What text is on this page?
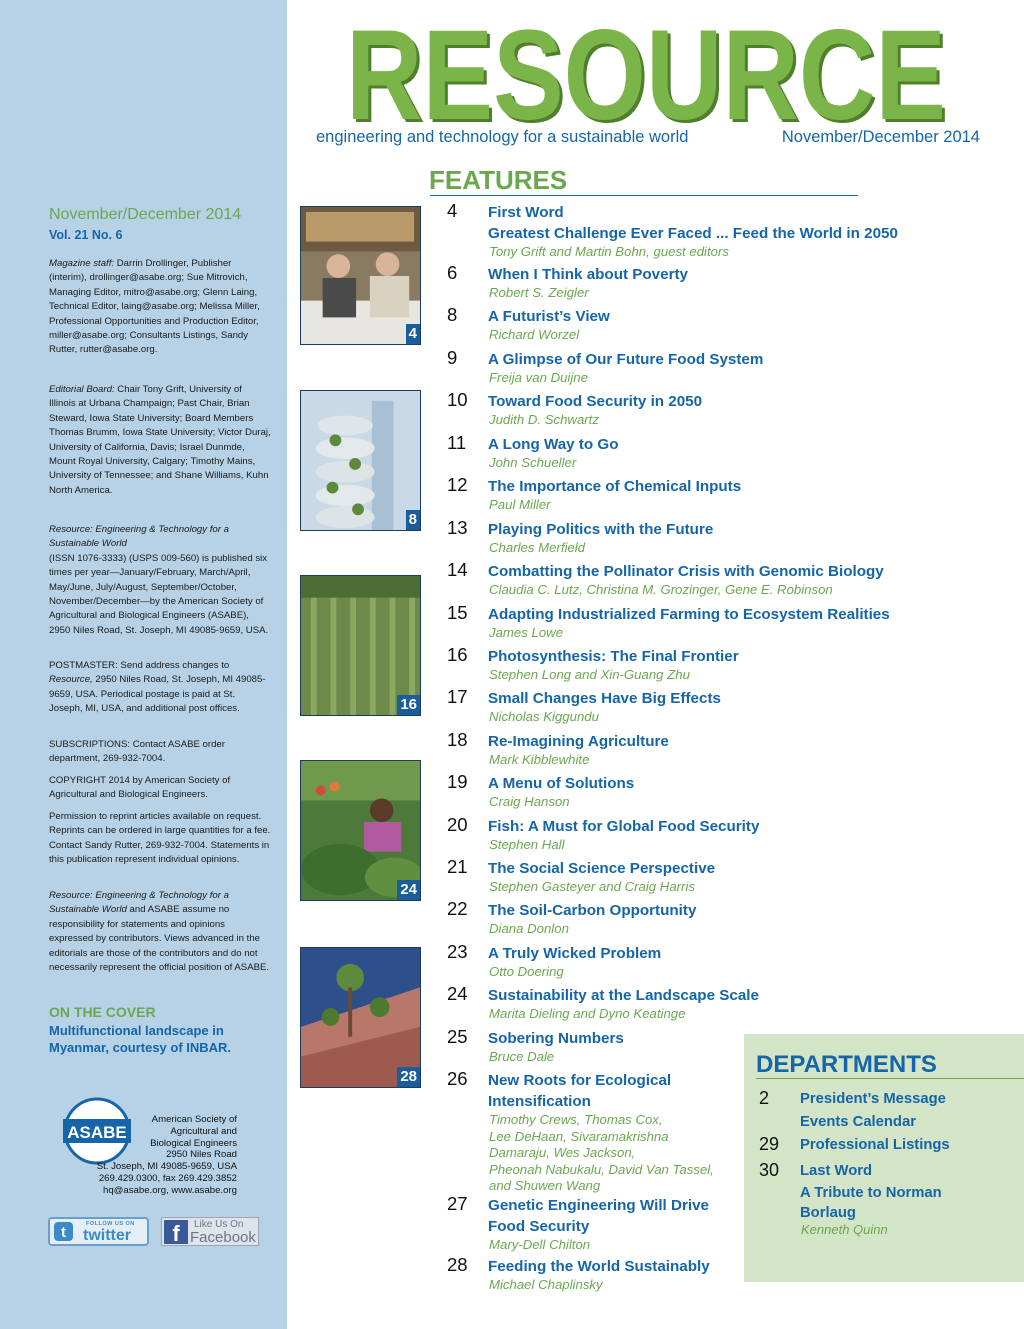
November/December 2014
Vol. 21 No. 6

Magazine staff: Darrin Drollinger, Publisher (interim), drollinger@asabe.org; Sue Mitrovich, Managing Editor, mitro@asabe.org; Glenn Laing, Technical Editor, laing@asabe.org; Melissa Miller, Professional Opportunities and Production Editor, miller@asabe.org; Consultants Listings, Sandy Rutter, rutter@asabe.org.

Editorial Board: Chair Tony Grift, University of Illinois at Urbana Champaign; Past Chair, Brian Steward, Iowa State University; Board Members Thomas Brumm, Iowa State University; Victor Duraj, University of California, Davis; Israel Dunmde, Mount Royal University, Calgary; Timothy Mains, University of Tennessee; and Shane Williams, Kuhn North America.

Resource: Engineering & Technology for a Sustainable World
(ISSN 1076-3333) (USPS 009-560) is published six times per year—January/February, March/April, May/June, July/August, September/October, November/December—by the American Society of Agricultural and Biological Engineers (ASABE), 2950 Niles Road, St. Joseph, MI 49085-9659, USA.

POSTMASTER: Send address changes to Resource, 2950 Niles Road, St. Joseph, MI 49085-9659, USA. Periodical postage is paid at St. Joseph, MI, USA, and additional post offices.

SUBSCRIPTIONS: Contact ASABE order department, 269-932-7004.

COPYRIGHT 2014 by American Society of Agricultural and Biological Engineers.

Permission to reprint articles available on request. Reprints can be ordered in large quantities for a fee. Contact Sandy Rutter, 269-932-7004. Statements in this publication represent individual opinions.

Resource: Engineering & Technology for a Sustainable World and ASABE assume no responsibility for statements and opinions expressed by contributors. Views advanced in the editorials are those of the contributors and do not necessarily represent the official position of ASABE.

ON THE COVER
Multifunctional landscape in Myanmar, courtesy of INBAR.
ASABE
American Society of
Agricultural and
Biological Engineers
2950 Niles Road
St. Joseph, MI 49085-9659, USA
269.429.0300, fax 269.429.3852
hq@asabe.org, www.asabe.org
t	FOLLOW US ON
twitter	f	Like Us On
Facebook
RESOURCE
RESOURCE
engineering and technology for a sustainable world	November/December 2014
FEATURES
4
8
16
24
28
4 First Word
Greatest Challenge Ever Faced ... Feed the World in 2050
Tony Grift and Martin Bohn, guest editors
6 When I Think about Poverty
Robert S. Zeigler
8 A Futurist’s View
Richard Worzel
9 A Glimpse of Our Future Food System
Freija van Duijne
10 Toward Food Security in 2050
Judith D. Schwartz
11 A Long Way to Go
John Schueller
12 The Importance of Chemical Inputs
Paul Miller
13 Playing Politics with the Future
Charles Merfield
14 Combatting the Pollinator Crisis with Genomic Biology
Claudia C. Lutz, Christina M. Grozinger, Gene E. Robinson
15 Adapting Industrialized Farming to Ecosystem Realities
James Lowe
16 Photosynthesis: The Final Frontier
Stephen Long and Xin-Guang Zhu
17 Small Changes Have Big Effects
Nicholas Kiggundu
18 Re-Imagining Agriculture
Mark Kibblewhite
19 A Menu of Solutions
Craig Hanson
20 Fish: A Must for Global Food Security
Stephen Hall
21 The Social Science Perspective
Stephen Gasteyer and Craig Harris
22 The Soil-Carbon Opportunity
Diana Donlon
23 A Truly Wicked Problem
Otto Doering
24 Sustainability at the Landscape Scale
Marita Dieling and Dyno Keatinge
25 Sobering Numbers
Bruce Dale
26 New Roots for Ecological
Intensification
Timothy Crews, Thomas Cox,
Lee DeHaan, Sivaramakrishna
Damaraju, Wes Jackson,
Pheonah Nabukalu, David Van Tassel,
and Shuwen Wang
27 Genetic Engineering Will Drive
Food Security
Mary-Dell Chilton
28 Feeding the World Sustainably
Michael Chaplinsky
DEPARTMENTS
2 President’s Message
Events Calendar
29 Professional Listings
30 Last Word
A Tribute to Norman
Borlaug
Kenneth Quinn
